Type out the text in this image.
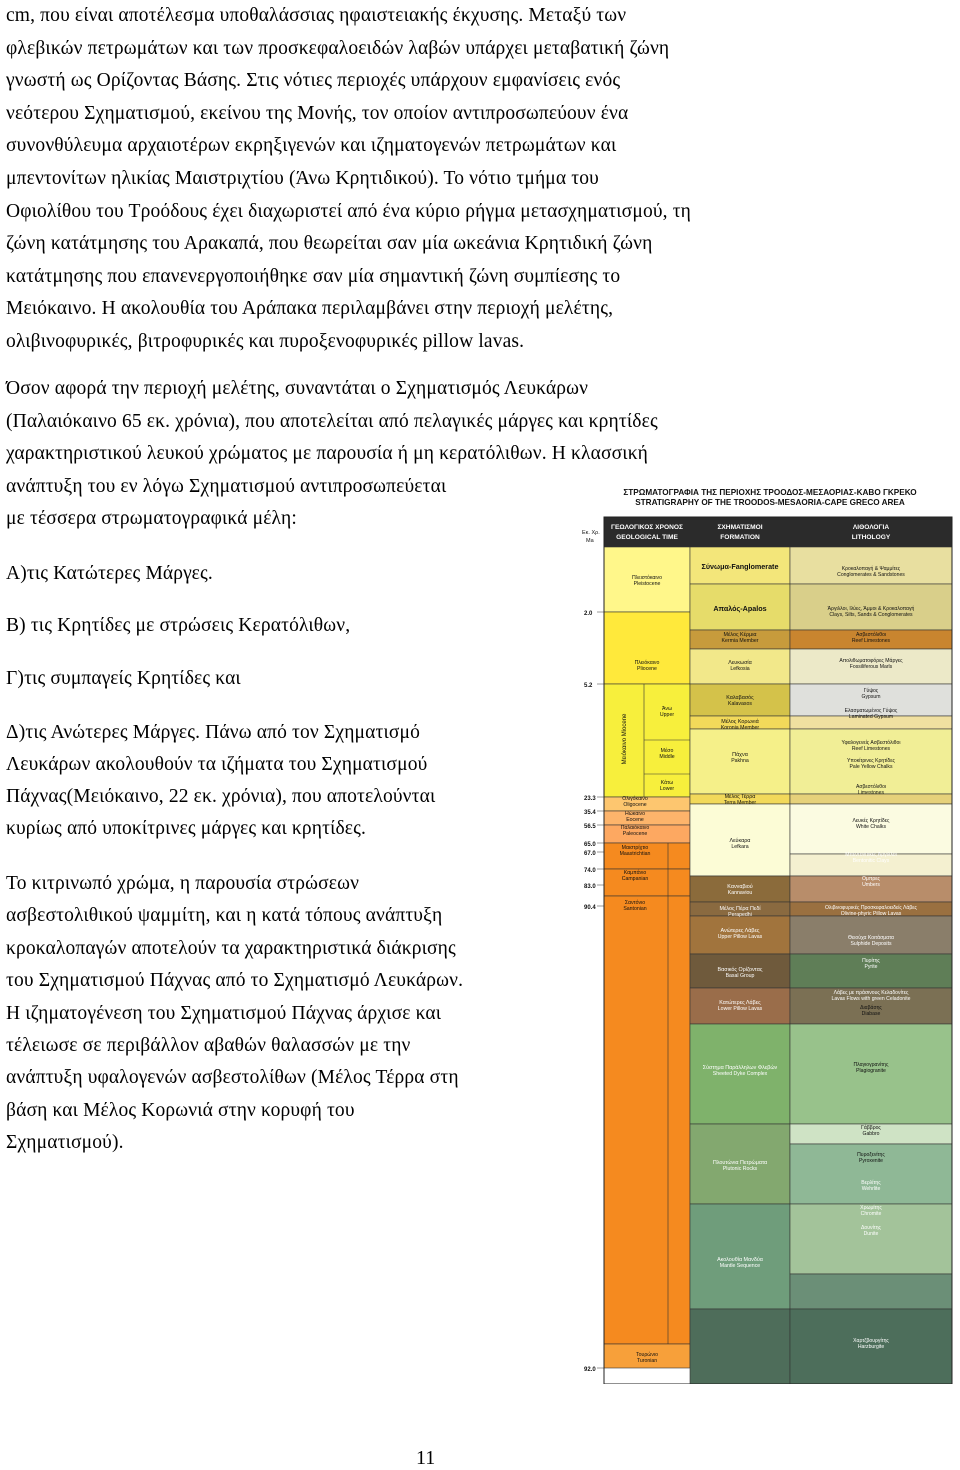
cm, που είναι αποτέλεσμα υποθαλάσσιας ηφαιστειακής έκχυσης. Μεταξύ των
φλεβικών πετρωμάτων και των προσκεφαλοειδών λαβών υπάρχει μεταβατική ζώνη
γνωστή ως Ορίζοντας Βάσης. Στις νότιες περιοχές υπάρχουν εμφανίσεις ενός
νεότερου Σχηματισμού, εκείνου της Μονής, τον οποίον αντιπροσωπεύουν ένα
συνονθύλευμα αρχαιοτέρων εκρηξιγενών και ιζηματογενών πετρωμάτων και
μπεντονίτων ηλικίας Μαιστριχτίου (Άνω Κρητιδικού). Το νότιο τμήμα του
Οφιολίθου του Τροόδους έχει διαχωριστεί από ένα κύριο ρήγμα μετασχηματισμού, τη
ζώνη κατάτμησης του Αρακαπά, που θεωρείται σαν μία ωκεάνια Κρητιδική ζώνη
κατάτμησης που επανενεργοποιήθηκε σαν μία σημαντική ζώνη συμπίεσης το
Μειόκαινο. Η ακολουθία του Αράπακα περιλαμβάνει στην περιοχή μελέτης,
ολιβινοφυρικές, βιτροφυρικές και πυροξενοφυρικές pillow lavas.
Όσον αφορά την περιοχή μελέτης, συναντάται ο Σχηματισμός Λευκάρων
(Παλαιόκαινο 65 εκ. χρόνια), που αποτελείται από πελαγικές μάργες και κρητίδες
χαρακτηριστικού λευκού χρώματος με παρουσία ή μη κερατόλιθων. Η κλασσική
ανάπτυξη του εν λόγω Σχηματισμού αντιπροσωπεύεται
με τέσσερα στρωματογραφικά μέλη:
Α)τις Κατώτερες Μάργες.
Β) τις Κρητίδες με στρώσεις Κερατόλιθων,
Γ)τις συμπαγείς Κρητίδες και
Δ)τις Ανώτερες Μάργες. Πάνω από τον Σχηματισμό
Λευκάρων ακολουθούν τα ιζήματα του Σχηματισμού
Πάχνας(Μειόκαινο, 22 εκ. χρόνια), που αποτελούνται
κυρίως από υποκίτρινες μάργες και κρητίδες.
Το κιτρινωπό χρώμα, η παρουσία στρώσεων
ασβεστολιθικού ψαμμίτη, και η κατά τόπους ανάπτυξη
κροκαλοπαγών αποτελούν τα χαρακτηριστικά διάκρισης
του Σχηματισμού Πάχνας από το Σχηματισμό Λευκάρων.
Η ιζηματογένεση του Σχηματισμού Πάχνας άρχισε και
τέλειωσε σε περιβάλλον αβαθών θαλασσών με την
ανάπτυξη υφαλογενών ασβεστολίθων (Μέλος Τέρρα στη
βάση και Μέλος Κορωνιά στην κορυφή του
Σχηματισμού).
ΣΤΡΩΜΑΤΟΓΡΑΦΙΑ ΤΗΣ ΠΕΡΙΟΧΗΣ ΤΡΟΟΔΟΣ-ΜΕΣΑΟΡΙΑΣ-ΚΑΒΟ ΓΚΡΕΚΟ
STRATIGRAPHY OF THE TROODOS-MESAORIA-CAPE GRECO AREA
ΓΕΩΛΟΓΙΚΟΣ ΧΡΟΝΟΣ
GEOLOGICAL TIME
ΣΧΗΜΑΤΙΣΜΟΙ
FORMATION
ΛΙΘΟΛΟΓΙΑ
LITHOLOGY
Εκ. Χρ.
Ma
Πλειστόκαινο
Pleistocene
Πλειόκαινο
Pliocene
Ολιγόκαινο
Oligocene
Ηώκαινο
Eocene
Παλαιόκαινο
Paleocene
Μαιστρίχτιο
Maastrichtian
Καμπάνιο
Campanian
Σαντόνιο
Santonian
Τουρώνιο
Turonian
Μειόκαινο Miocene
Άνω
Upper
Μέσο
Middle
Κάτω
Lower
2.0
5.2
23.3
35.4
56.5
65.0
67.0
74.0
83.0
90.4
92.0
Σύνωμα-Fanglomerate
Απαλός-Apalos
Μέλος Κέρμια
Kermia Member
Λευκωσία
Lefkosia
Καλαβασός
Kalavasos
Μέλος Κορωνιά
Koronia Member
Πάχνα
Pakhna
Μέλος Τέρρα
Terra Member
Λεύκαρα
Lefkara
Κανναβιού
Kannaviou
Μέλος Πέρα Πεδί
Perapedhi
Ανώτερες Λάβες
Upper Pillow Lavas
Βασικός Ορίζοντας
Basal Group
Κατώτερες Λάβες
Lower Pillow Lavas
Σύστημα Παράλληλων Φλεβών
Sheeted Dyke Complex
Πλουτώνια Πετρώματα
Plutonic Rocks
Ακολουθία Μανδύα
Mantle Sequence
Κροκαλοπαγή & Ψαμμίτες
Conglomerates & Sandstones
Άργιλλοι, Ιλύες, Άμμοι & Κροκαλοπαγή
Clays, Silts, Sands & Conglomerates
Ασβεστόλιθοι
Reef Limestones
Απολιθωματοφόρες Μάργες
Fossiliferous Marls
Γύψος
Gypsum
Ελασματωμένος Γύψος
Laminated Gypsum
Υφαλογενείς Ασβεστόλιθοι
Reef Limestones
Υποκίτρινες Κρητίδες
Pale Yellow Chalks
Ασβεστόλιθοι
Limestones
Λευκές Κρητίδες
White Chalks
Μπεντονιτικές Άργιλλοι
Bentonitic Clays
Ομπρες
Umbers
Ολιβινοφυρικές Προσκεφαλοειδείς Λάβες
Olivine-phyric Pillow Lavas
Θειούχα Κοιτάσματα
Sulphide Deposits
Πυρίτης
Pyrite
Λάβες με πράσινους Κελαδονίτες
Lavas Flows with green Celadonite
Διαβάσης
Diabase
Πλαγιογρανίτης
Plagiogranite
Γάββρος
Gabbro
Πυροξενίτης
Pyroxenite
Βερλίτης
Wehrlite
Χρωμίτης
Chromite
Δουνίτης
Dunite
Χαρτζβουργίτης
Harzburgite
11
